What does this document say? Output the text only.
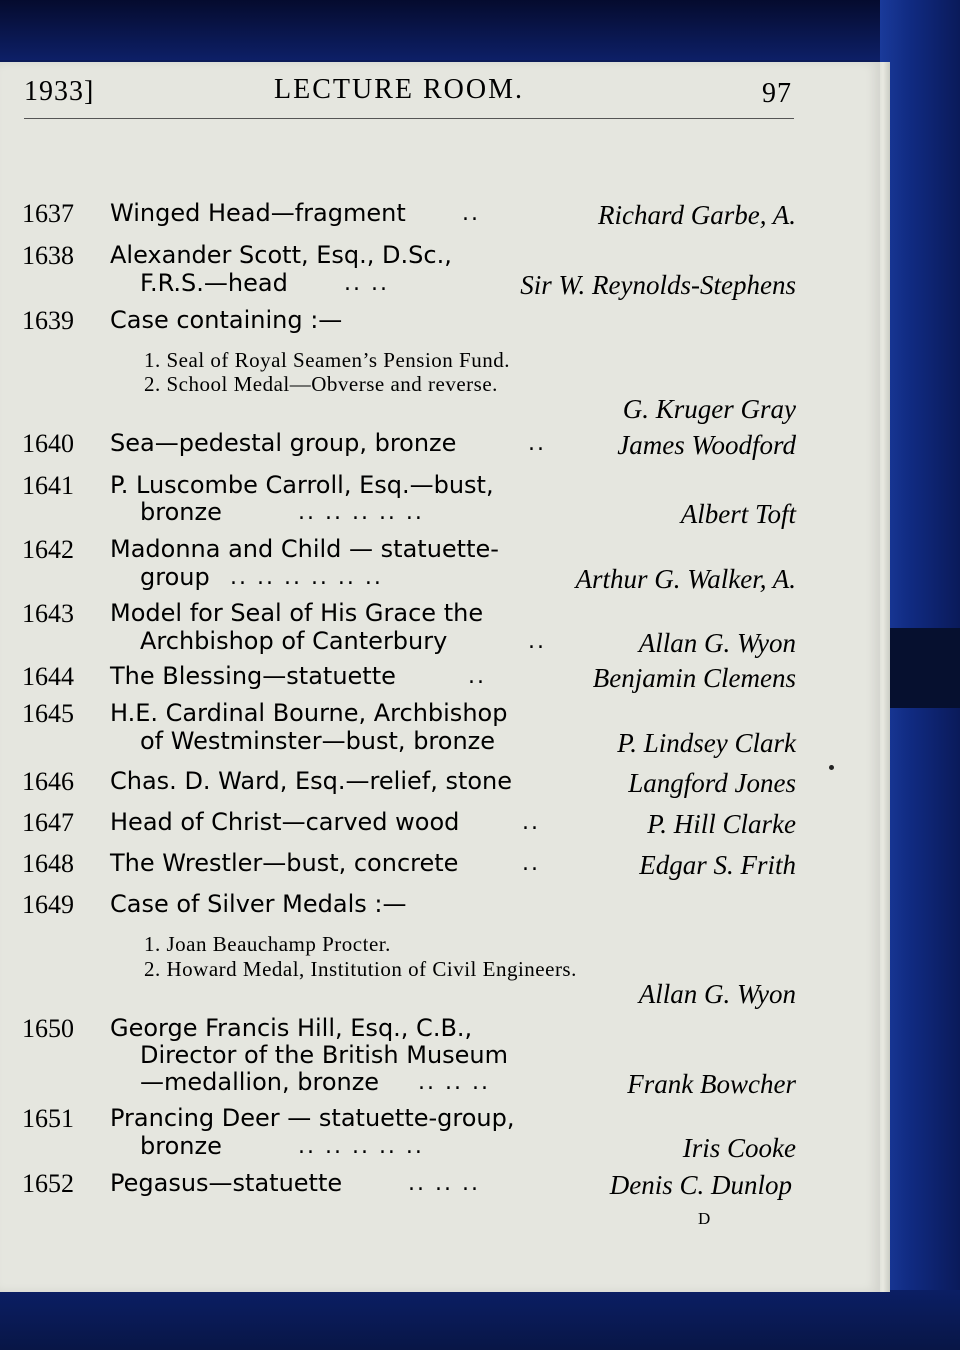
1933]	LECTURE ROOM.	97
1637 Winged Head—fragment	..	Richard Garbe, A.
1638 Alexander Scott, Esq., D.Sc.,
F.R.S.—head	.. ..	Sir W. Reynolds-Stephens
1639 Case containing :—
1. Seal of Royal Seamen’s Pension Fund.
2. School Medal—Obverse and reverse.
G. Kruger Gray
1640 Sea—pedestal group, bronze	..	James Woodford
1641 P. Luscombe Carroll, Esq.—bust,
bronze	.. .. .. .. ..	Albert Toft
1642 Madonna and Child — statuette-
group .. .. .. .. .. ..	Arthur G. Walker, A.
1643 Model for Seal of His Grace the
Archbishop of Canterbury	..	Allan G. Wyon
1644 The Blessing—statuette	..	Benjamin Clemens
1645 H.E. Cardinal Bourne, Archbishop
of Westminster—bust, bronze	P. Lindsey Clark
1646 Chas. D. Ward, Esq.—relief, stone	Langford Jones
1647 Head of Christ—carved wood	..	P. Hill Clarke
1648 The Wrestler—bust, concrete	..	Edgar S. Frith
1649 Case of Silver Medals :—
1. Joan Beauchamp Procter.
2. Howard Medal, Institution of Civil Engineers.
Allan G. Wyon
1650 George Francis Hill, Esq., C.B.,
Director of the British Museum
—medallion, bronze .. .. ..	Frank Bowcher
1651 Prancing Deer — statuette-group,
bronze	.. .. .. .. ..	Iris Cooke
1652 Pegasus—statuette	.. .. ..	Denis C. Dunlop
D
